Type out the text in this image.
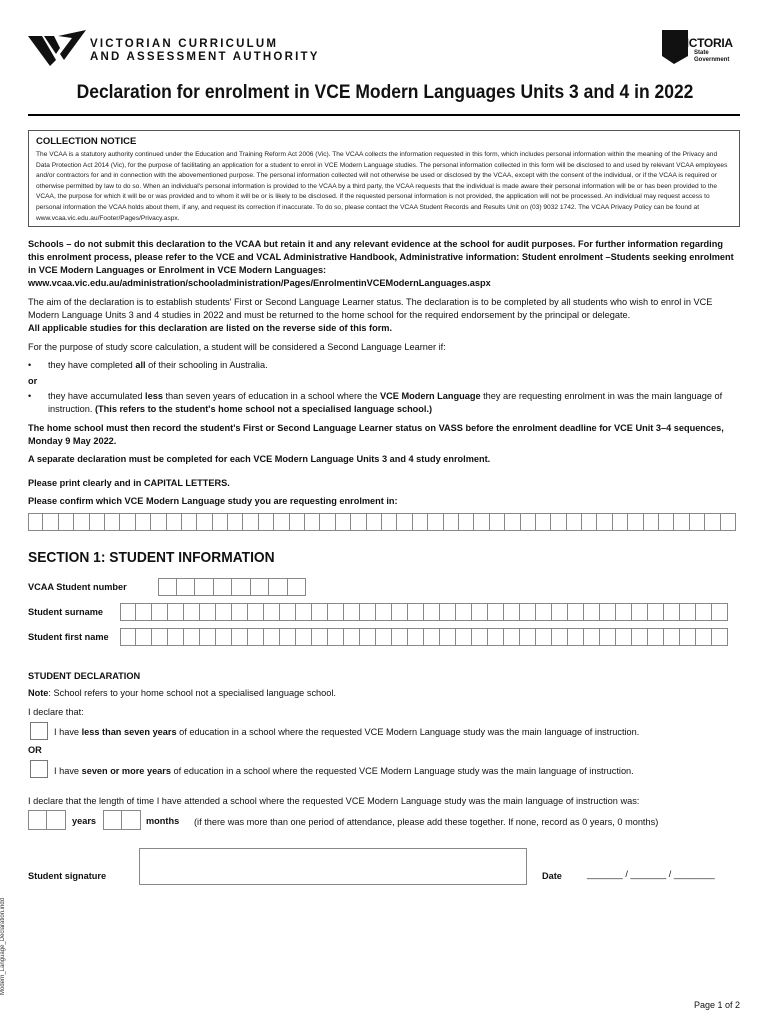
VICTORIAN CURRICULUM
AND ASSESSMENT AUTHORITY
VICTORIA
State
Government
Declaration for enrolment in VCE Modern Languages Units 3 and 4 in 2022
COLLECTION NOTICE

The VCAA is a statutory authority continued under the Education and Training Reform Act 2006 (Vic). The VCAA collects the information requested in this form, which includes personal information within the meaning of the Privacy and Data Protection Act 2014 (Vic), for the purpose of facilitating an application for a student to enrol in VCE Modern Language studies. The personal information collected in this form will be disclosed to and used by relevant VCAA employees and/or contractors for and in connection with the abovementioned purpose. The personal information collected will not otherwise be used or disclosed by the VCAA, except with the consent of the individual, or if the VCAA is required or otherwise permitted by law to do so. When an individual's personal information is provided to the VCAA by a third party, the VCAA requests that the individual is made aware their personal information will be or has been provided to the VCAA, the purpose for which it will be or was provided and to whom it will be or is likely to be disclosed. If the requested personal information is not provided, the application will not be processed. An individual may request access to personal information the VCAA holds about them, if any, and request its correction if inaccurate. To do so, please contact the VCAA Student Records and Results Unit on (03) 9032 1742. The VCAA Privacy Policy can be found at www.vcaa.vic.edu.au/Footer/Pages/Privacy.aspx.

Schools – do not submit this declaration to the VCAA but retain it and any relevant evidence at the school for audit purposes. For further information regarding this enrolment process, please refer to the VCE and VCAL Administrative Handbook, Administrative information: Student enrolment –Students seeking enrolment in VCE Modern Languages or Enrolment in VCE Modern Languages: www.vcaa.vic.edu.au/administration/schooladministration/Pages/EnrolmentinVCEModernLanguages.aspx
The aim of the declaration is to establish students' First or Second Language Learner status. The declaration is to be completed by all students who wish to enrol in VCE Modern Language Units 3 and 4 studies in 2022 and must be returned to the home school for the required endorsement by the principal or delegate.
All applicable studies for this declaration are listed on the reverse side of this form.
For the purpose of study score calculation, a student will be considered a Second Language Learner if:
• they have completed all of their schooling in Australia.
or
• they have accumulated less than seven years of education in a school where the VCE Modern Language they are requesting enrolment in was the main language of instruction. (This refers to the student's home school not a specialised language school.)
The home school must then record the student's First or Second Language Learner status on VASS before the enrolment deadline for VCE Unit 3–4 sequences, Monday 9 May 2022.
A separate declaration must be completed for each VCE Modern Language Units 3 and 4 study enrolment.
Please print clearly and in CAPITAL LETTERS.
Please confirm which VCE Modern Language study you are requesting enrolment in:
SECTION 1: STUDENT INFORMATION
VCAA Student number
Student surname
Student first name
STUDENT DECLARATION
Note: School refers to your home school not a specialised language school.
I declare that:
I have less than seven years of education in a school where the requested VCE Modern Language study was the main language of instruction.
OR
I have seven or more years of education in a school where the requested VCE Modern Language study was the main language of instruction.
I declare that the length of time I have attended a school where the requested VCE Modern Language study was the main language of instruction was:
years	months (if there was more than one period of attendance, please add these together. If none, record as 0 years, 0 months)
Student signature	Date	_______ / _______ / ________
Modern_Language_Declaration.indd
Page 1 of 2
